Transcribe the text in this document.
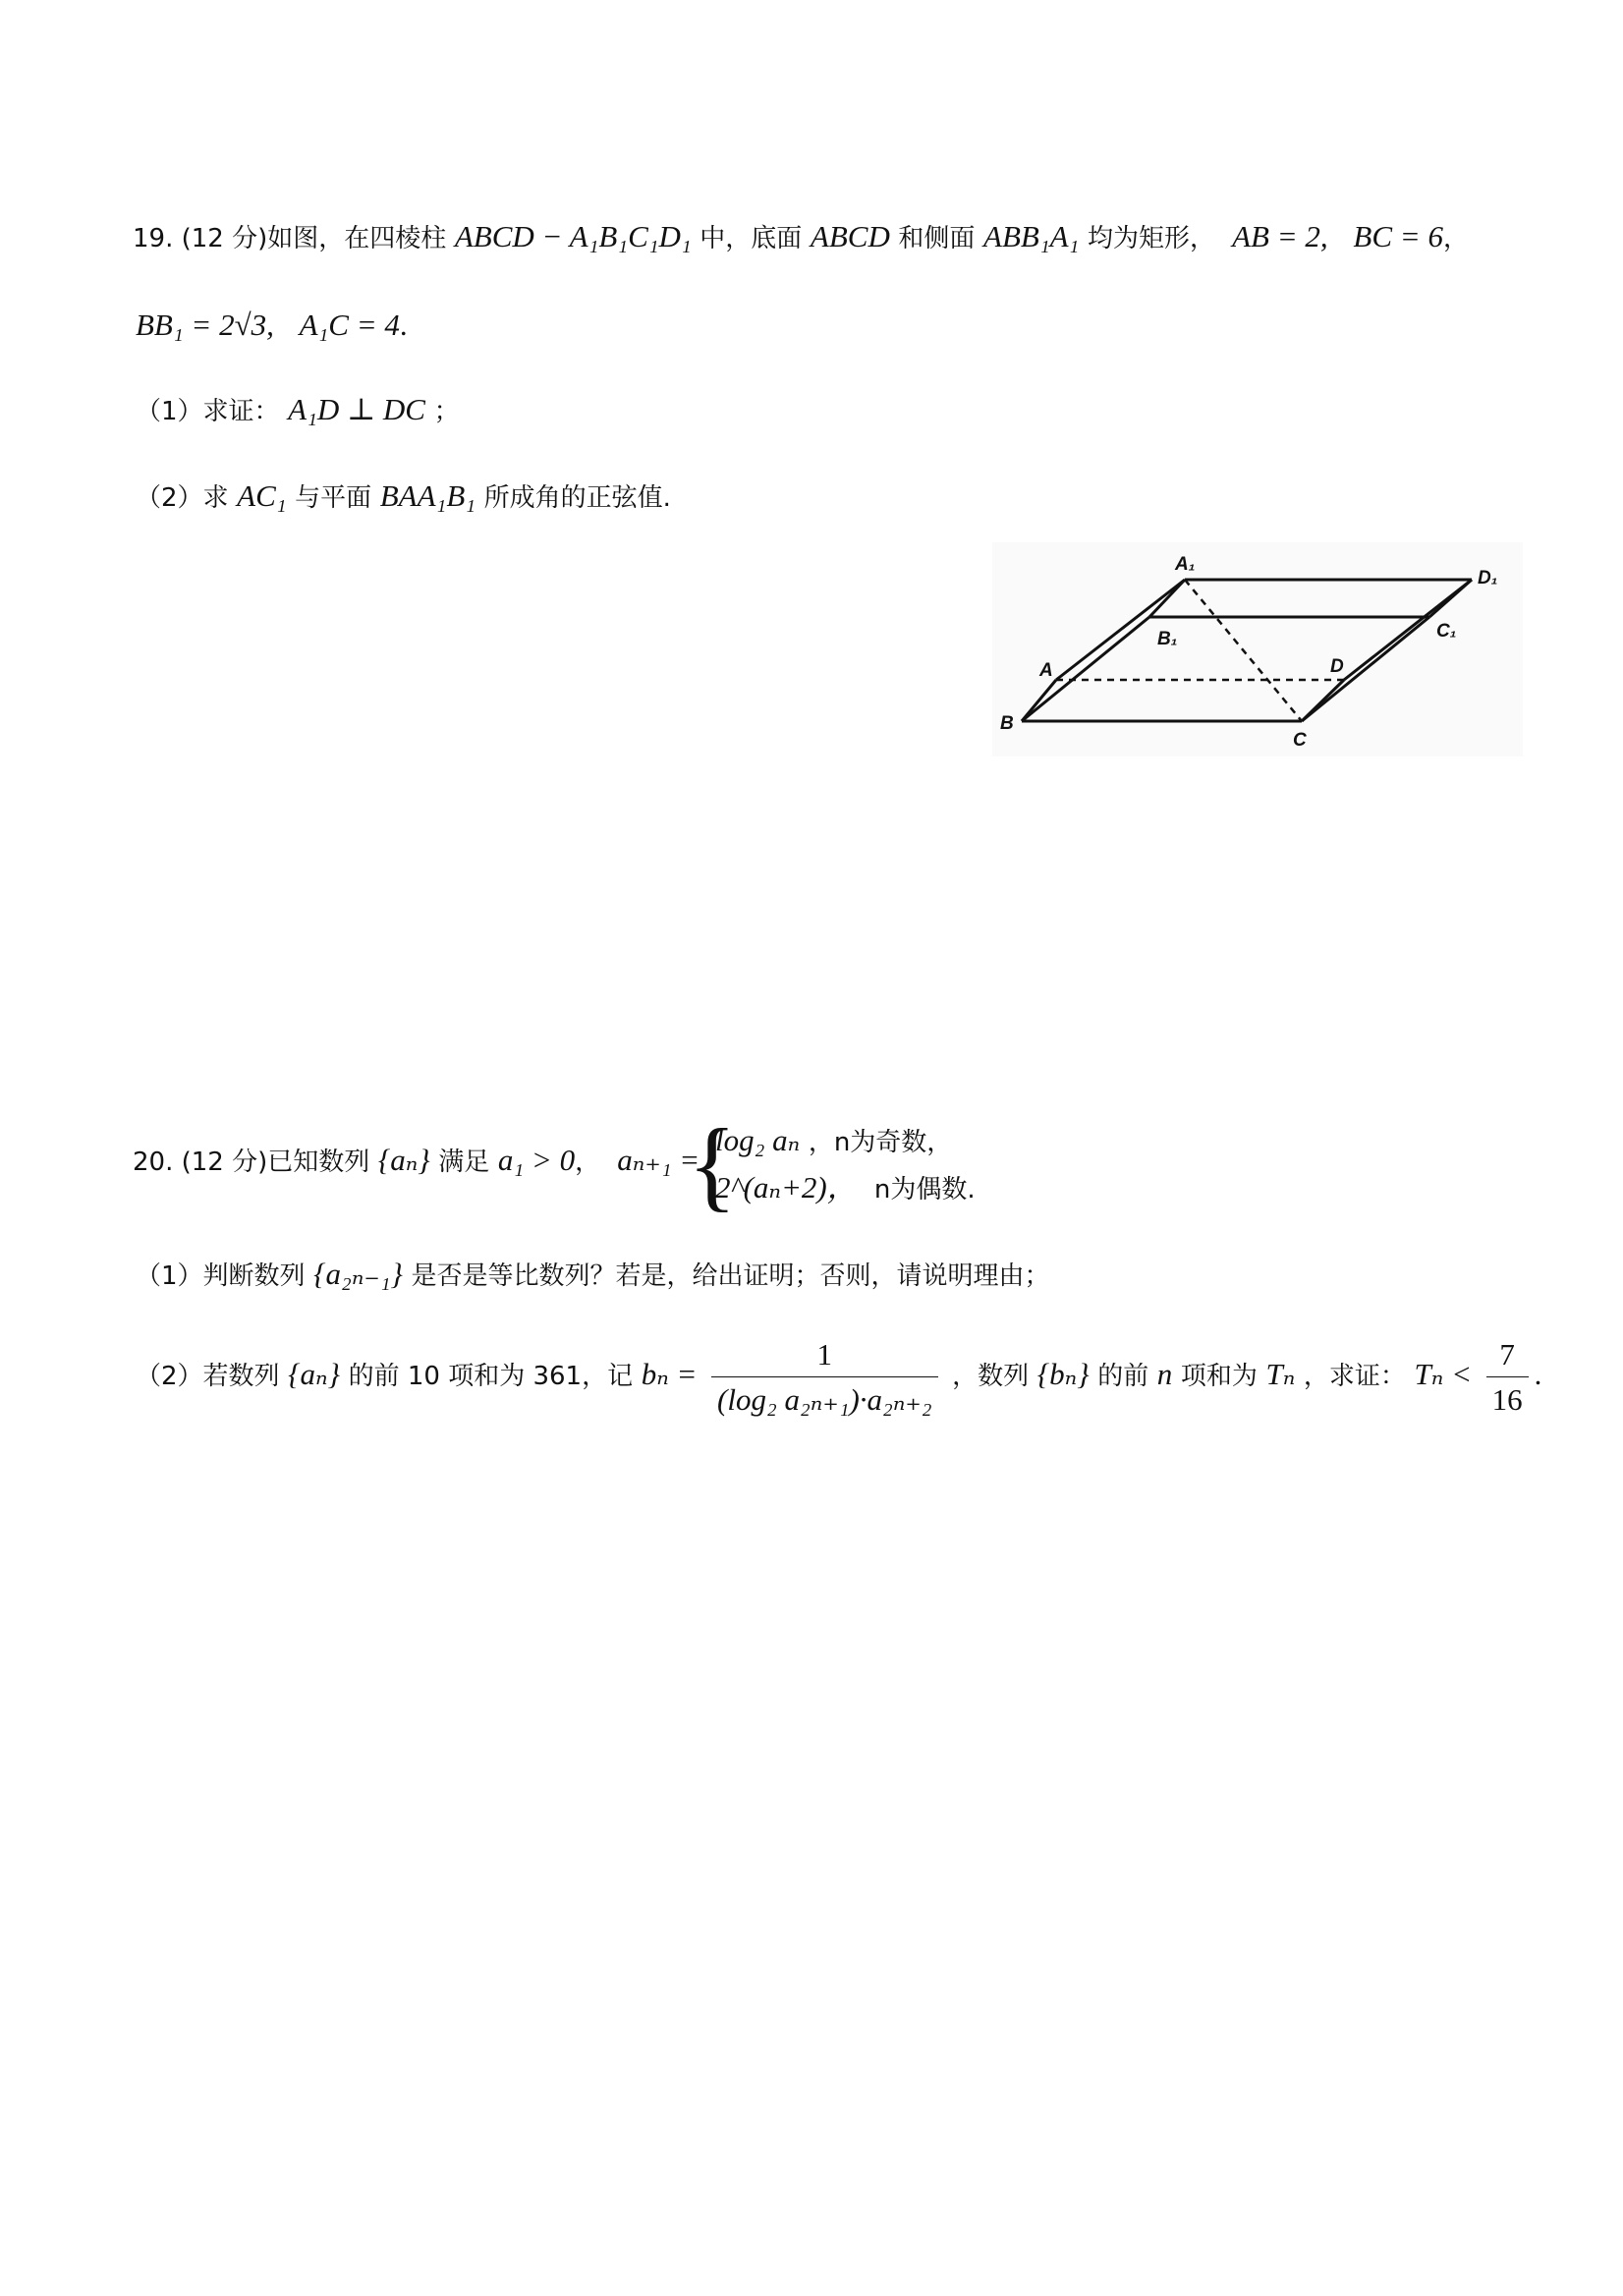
19. (12 分)如图，在四棱柱 ABCD − A₁B₁C₁D₁ 中，底面 ABCD 和侧面 ABB₁A₁ 均为矩形， AB = 2, BC = 6，
BB₁ = 2√3, A₁C = 4.
（1）求证： A₁D ⊥ DC ；
（2）求 AC₁ 与平面 BAA₁B₁ 所成角的正弦值.
A₁
D₁
B₁	C₁
A	D
B
C
20. (12 分)已知数列 {aₙ} 满足 a₁ > 0， aₙ₊₁ =
{
log₂ aₙ ，n为奇数，
2^(aₙ+2)， n为偶数.
（1）判断数列 {a₂ₙ₋₁} 是否是等比数列？若是，给出证明；否则，请说明理由；
（2）若数列 {aₙ} 的前 10 项和为 361，记 $b_n = \frac{1}{\text{(log₂ a₂ₙ₊₁)·a₂ₙ₊₂}}$ ，数列 {bₙ} 的前 n 项和为 Tₙ ，求证： $T_n < \frac{7}{16}$ .
